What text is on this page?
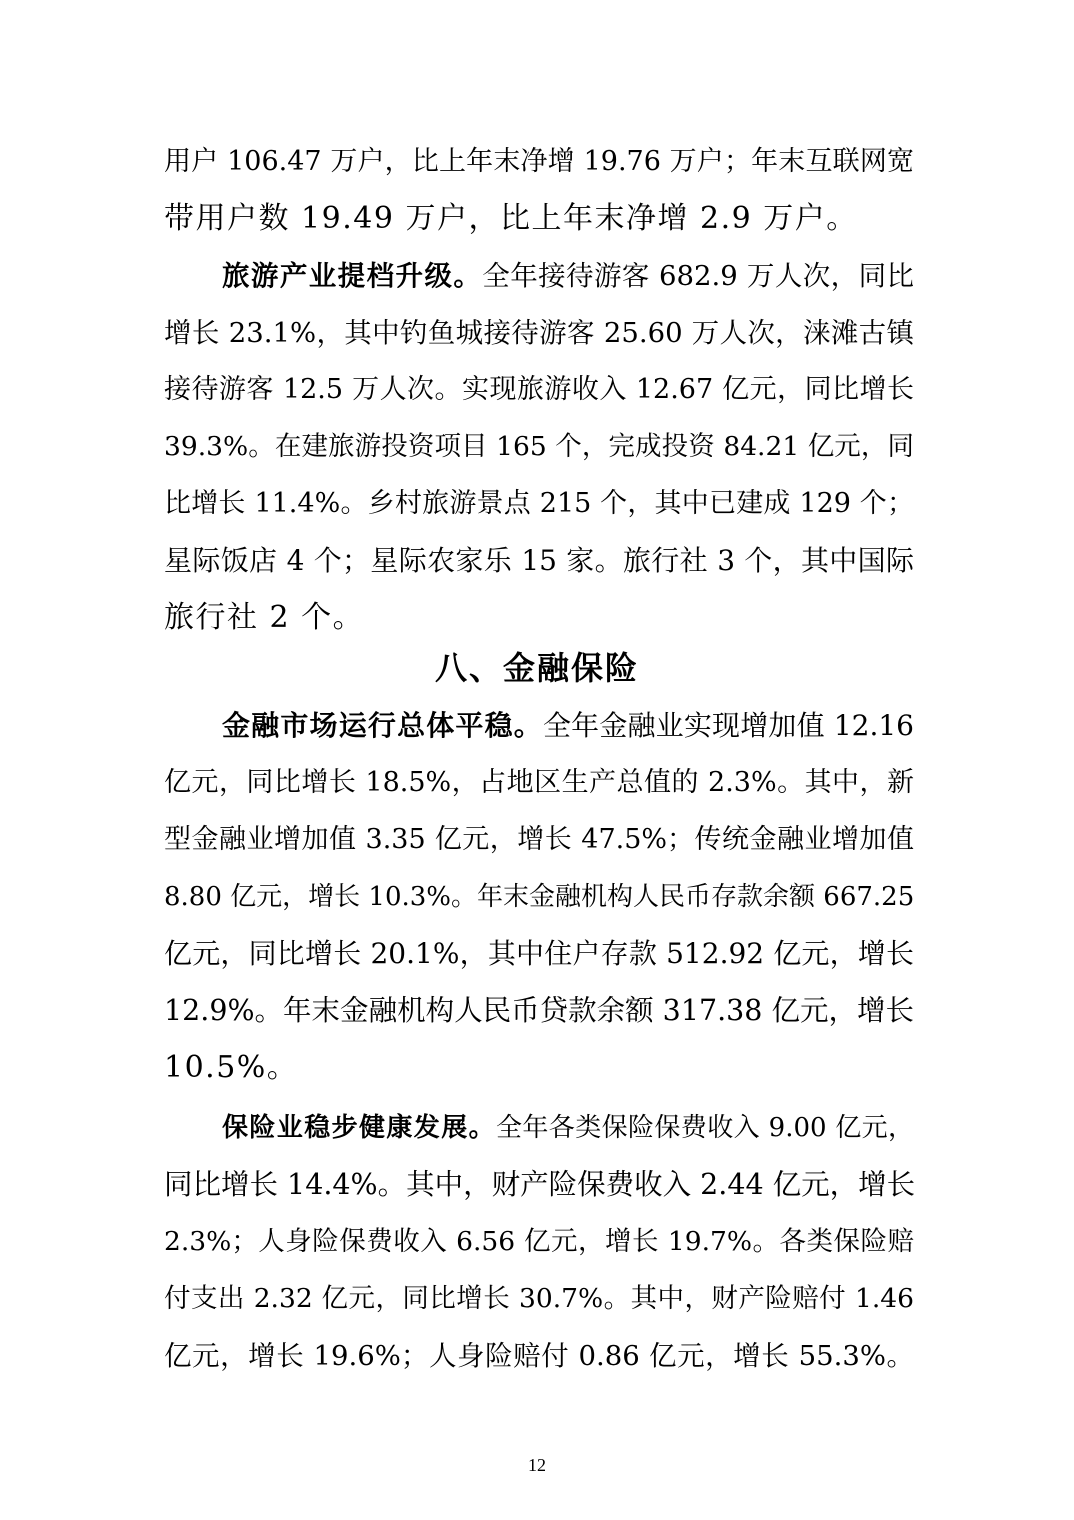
用户 106.47 万户，比上年末净增 19.76 万户；年末互联网宽
带用户数 19.49 万户，比上年末净增 2.9 万户。
旅游产业提档升级。全年接待游客 682.9 万人次，同比
增长 23.1%，其中钓鱼城接待游客 25.60 万人次，涞滩古镇
接待游客 12.5 万人次。实现旅游收入 12.67 亿元，同比增长
39.3%。在建旅游投资项目 165 个，完成投资 84.21 亿元，同
比增长 11.4%。乡村旅游景点 215 个，其中已建成 129 个；
星际饭店 4 个；星际农家乐 15 家。旅行社 3 个，其中国际
旅行社 2 个。
八、金融保险
金融市场运行总体平稳。全年金融业实现增加值 12.16
亿元，同比增长 18.5%，占地区生产总值的 2.3%。其中，新
型金融业增加值 3.35 亿元，增长 47.5%；传统金融业增加值
8.80 亿元，增长 10.3%。年末金融机构人民币存款余额 667.25
亿元，同比增长 20.1%，其中住户存款 512.92 亿元，增长
12.9%。年末金融机构人民币贷款余额 317.38 亿元，增长
10.5%。
保险业稳步健康发展。全年各类保险保费收入 9.00 亿元，
同比增长 14.4%。其中，财产险保费收入 2.44 亿元，增长
2.3%；人身险保费收入 6.56 亿元，增长 19.7%。各类保险赔
付支出 2.32 亿元，同比增长 30.7%。其中，财产险赔付 1.46
亿元，增长 19.6%；人身险赔付 0.86 亿元，增长 55.3%。
12
